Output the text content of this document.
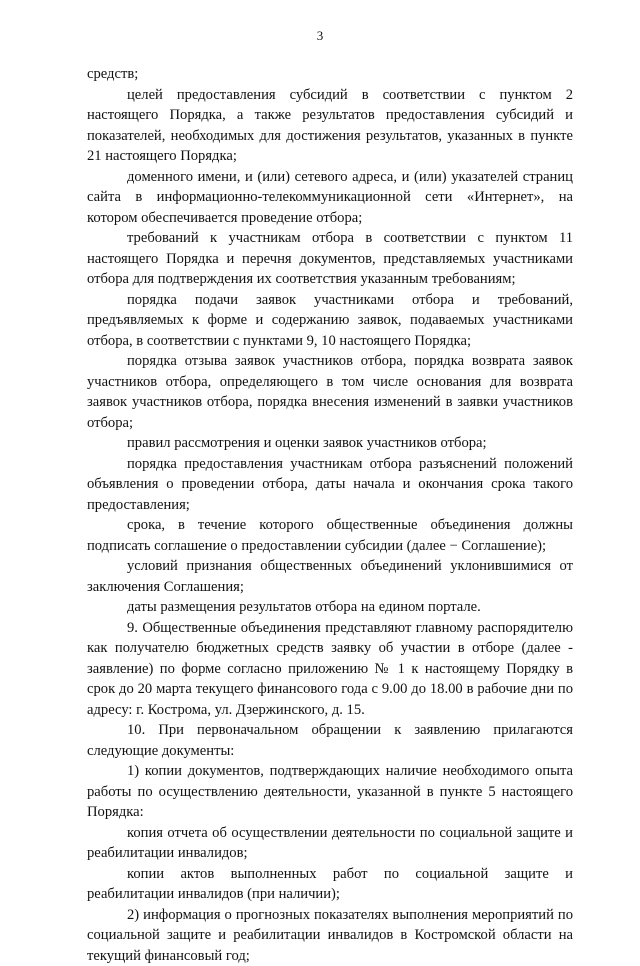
3

средств;

целей предоставления субсидий в соответствии с пунктом 2 настоящего Порядка, а также результатов предоставления субсидий и показателей, необходимых для достижения результатов, указанных в пункте 21 настоящего Порядка;

доменного имени, и (или) сетевого адреса, и (или) указателей страниц сайта в информационно-телекоммуникационной сети «Интернет», на котором обеспечивается проведение отбора;

требований к участникам отбора в соответствии с пунктом 11 настоящего Порядка и перечня документов, представляемых участниками отбора для подтверждения их соответствия указанным требованиям;

порядка подачи заявок участниками отбора и требований, предъявляемых к форме и содержанию заявок, подаваемых участниками отбора, в соответствии с пунктами 9, 10 настоящего Порядка;

порядка отзыва заявок участников отбора, порядка возврата заявок участников отбора, определяющего в том числе основания для возврата заявок участников отбора, порядка внесения изменений в заявки участников отбора;

правил рассмотрения и оценки заявок участников отбора;

порядка предоставления участникам отбора разъяснений положений объявления о проведении отбора, даты начала и окончания срока такого предоставления;

срока, в течение которого общественные объединения должны подписать соглашение о предоставлении субсидии (далее − Соглашение);

условий признания общественных объединений уклонившимися от заключения Соглашения;

даты размещения результатов отбора на едином портале.

9. Общественные объединения представляют главному распорядителю как получателю бюджетных средств заявку об участии в отборе (далее - заявление) по форме согласно приложению № 1 к настоящему Порядку в срок до 20 марта текущего финансового года с 9.00 до 18.00 в рабочие дни по адресу: г. Кострома, ул. Дзержинского, д. 15.

10. При первоначальном обращении к заявлению прилагаются следующие документы:

1) копии документов, подтверждающих наличие необходимого опыта работы по осуществлению деятельности, указанной в пункте 5 настоящего Порядка:

копия отчета об осуществлении деятельности по социальной защите и реабилитации инвалидов;

копии актов выполненных работ по социальной защите и реабилитации инвалидов (при наличии);

2) информация о прогнозных показателях выполнения мероприятий по социальной защите и реабилитации инвалидов в Костромской области на текущий финансовый год;
